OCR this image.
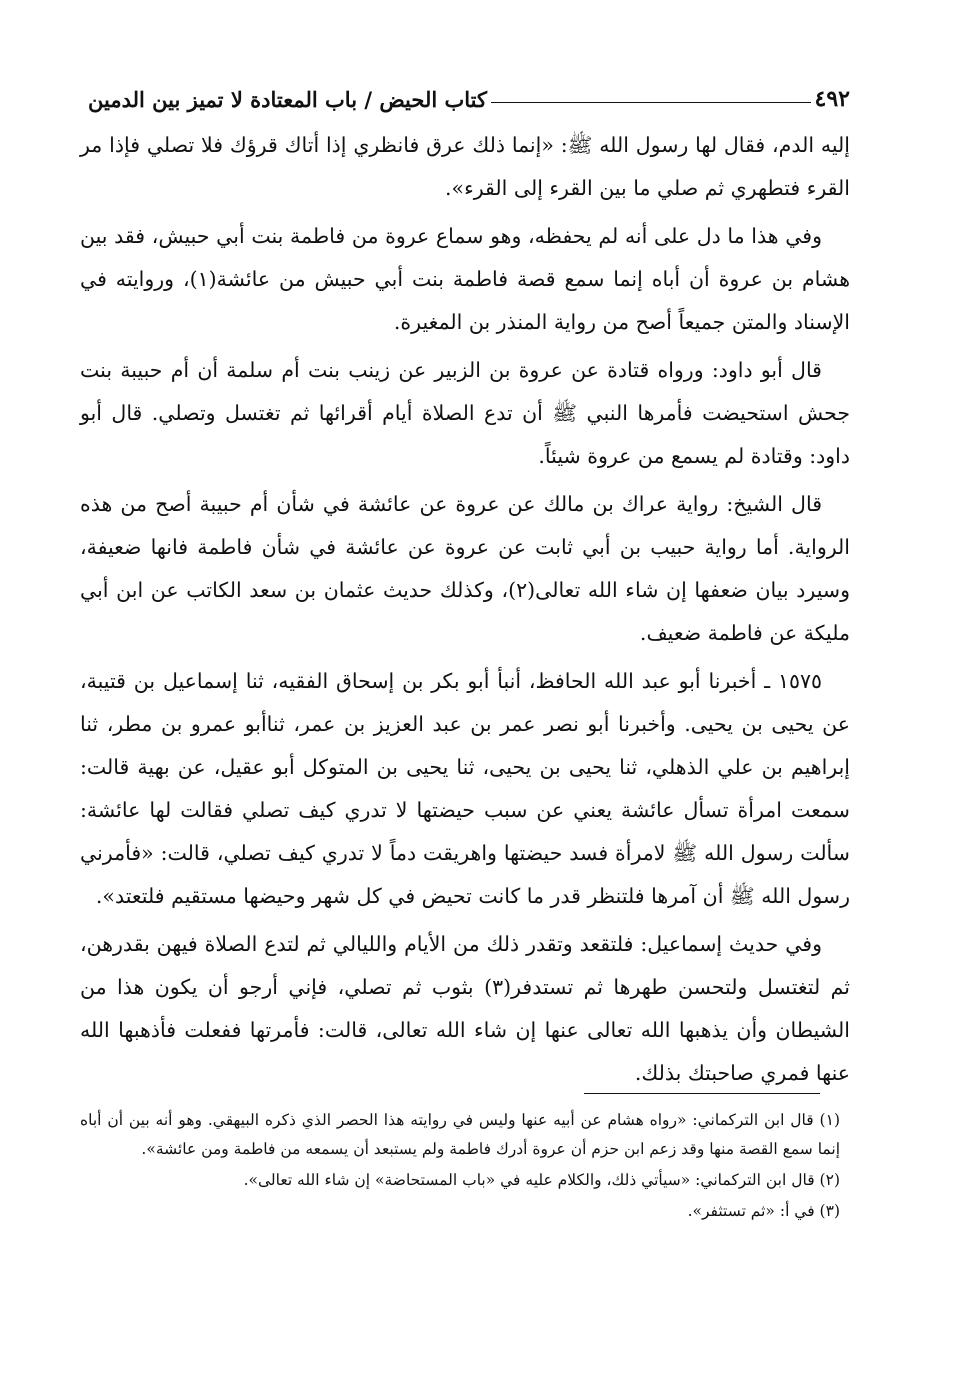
٤٩٢
كتاب الحيض / باب المعتادة لا تميز بين الدمين

إليه الدم، فقال لها رسول الله ﷺ: «إنما ذلك عرق فانظري إذا أتاك قرؤك فلا تصلي فإذا مر القرء فتطهري ثم صلي ما بين القرء إلى القرء».

وفي هذا ما دل على أنه لم يحفظه، وهو سماع عروة من فاطمة بنت أبي حبيش، فقد بين هشام بن عروة أن أباه إنما سمع قصة فاطمة بنت أبي حبيش من عائشة(١)، وروايته في الإسناد والمتن جميعاً أصح من رواية المنذر بن المغيرة.

قال أبو داود: ورواه قتادة عن عروة بن الزبير عن زينب بنت أم سلمة أن أم حبيبة بنت جحش استحيضت فأمرها النبي ﷺ أن تدع الصلاة أيام أقرائها ثم تغتسل وتصلي. قال أبو داود: وقتادة لم يسمع من عروة شيئاً.

قال الشيخ: رواية عراك بن مالك عن عروة عن عائشة في شأن أم حبيبة أصح من هذه الرواية. أما رواية حبيب بن أبي ثابت عن عروة عن عائشة في شأن فاطمة فانها ضعيفة، وسيرد بيان ضعفها إن شاء الله تعالى(٢)، وكذلك حديث عثمان بن سعد الكاتب عن ابن أبي مليكة عن فاطمة ضعيف.

١٥٧٥ ـ أخبرنا أبو عبد الله الحافظ، أنبأ أبو بكر بن إسحاق الفقيه، ثنا إسماعيل بن قتيبة، عن يحيى بن يحيى. وأخبرنا أبو نصر عمر بن عبد العزيز بن عمر، ثناأبو عمرو بن مطر، ثنا إبراهيم بن علي الذهلي، ثنا يحيى بن يحيى، ثنا يحيى بن المتوكل أبو عقيل، عن بهية قالت: سمعت امرأة تسأل عائشة يعني عن سبب حيضتها لا تدري كيف تصلي فقالت لها عائشة: سألت رسول الله ﷺ لامرأة فسد حيضتها واهريقت دماً لا تدري كيف تصلي، قالت: «فأمرني رسول الله ﷺ أن آمرها فلتنظر قدر ما كانت تحيض في كل شهر وحيضها مستقيم فلتعتد».

وفي حديث إسماعيل: فلتقعد وتقدر ذلك من الأيام والليالي ثم لتدع الصلاة فيهن بقدرهن، ثم لتغتسل ولتحسن طهرها ثم تستدفر(٣) بثوب ثم تصلي، فإني أرجو أن يكون هذا من الشيطان وأن يذهبها الله تعالى عنها إن شاء الله تعالى، قالت: فأمرتها ففعلت فأذهبها الله عنها فمري صاحبتك بذلك.

(١) قال ابن التركماني: «رواه هشام عن أبيه عنها وليس في روايته هذا الحصر الذي ذكره البيهقي. وهو أنه بين أن أباه إنما سمع القصة منها وقد زعم ابن حزم أن عروة أدرك فاطمة ولم يستبعد أن يسمعه من فاطمة ومن عائشة».

(٢) قال ابن التركماني: «سيأتي ذلك، والكلام عليه في «باب المستحاضة» إن شاء الله تعالى».

(٣) في أ: «ثم تستثفر».
